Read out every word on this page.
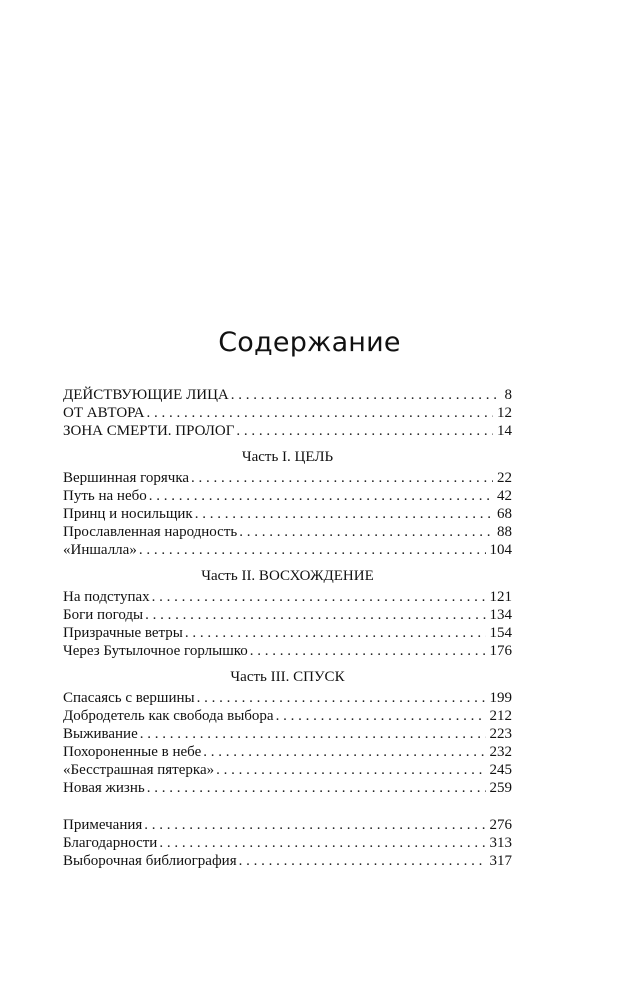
Содержание
ДЕЙСТВУЮЩИЕ ЛИЦА . . .	8
ОТ АВТОРА . . .	12
ЗОНА СМЕРТИ. ПРОЛОГ . . .	14
Часть I. ЦЕЛЬ
Вершинная горячка . . .	22
Путь на небо . . .	42
Принц и носильщик . . .	68
Прославленная народность . . .	88
«Иншалла» . . .	104
Часть II. ВОСХОЖДЕНИЕ
На подступах . . .	121
Боги погоды . . .	134
Призрачные ветры . . .	154
Через Бутылочное горлышко . . .	176
Часть III. СПУСК
Спасаясь с вершины . . .	199
Добродетель как свобода выбора . . .	212
Выживание . . .	223
Похороненные в небе . . .	232
«Бесстрашная пятерка» . . .	245
Новая жизнь . . .	259
Примечания . . .	276
Благодарности . . .	313
Выборочная библиография . . .	317
